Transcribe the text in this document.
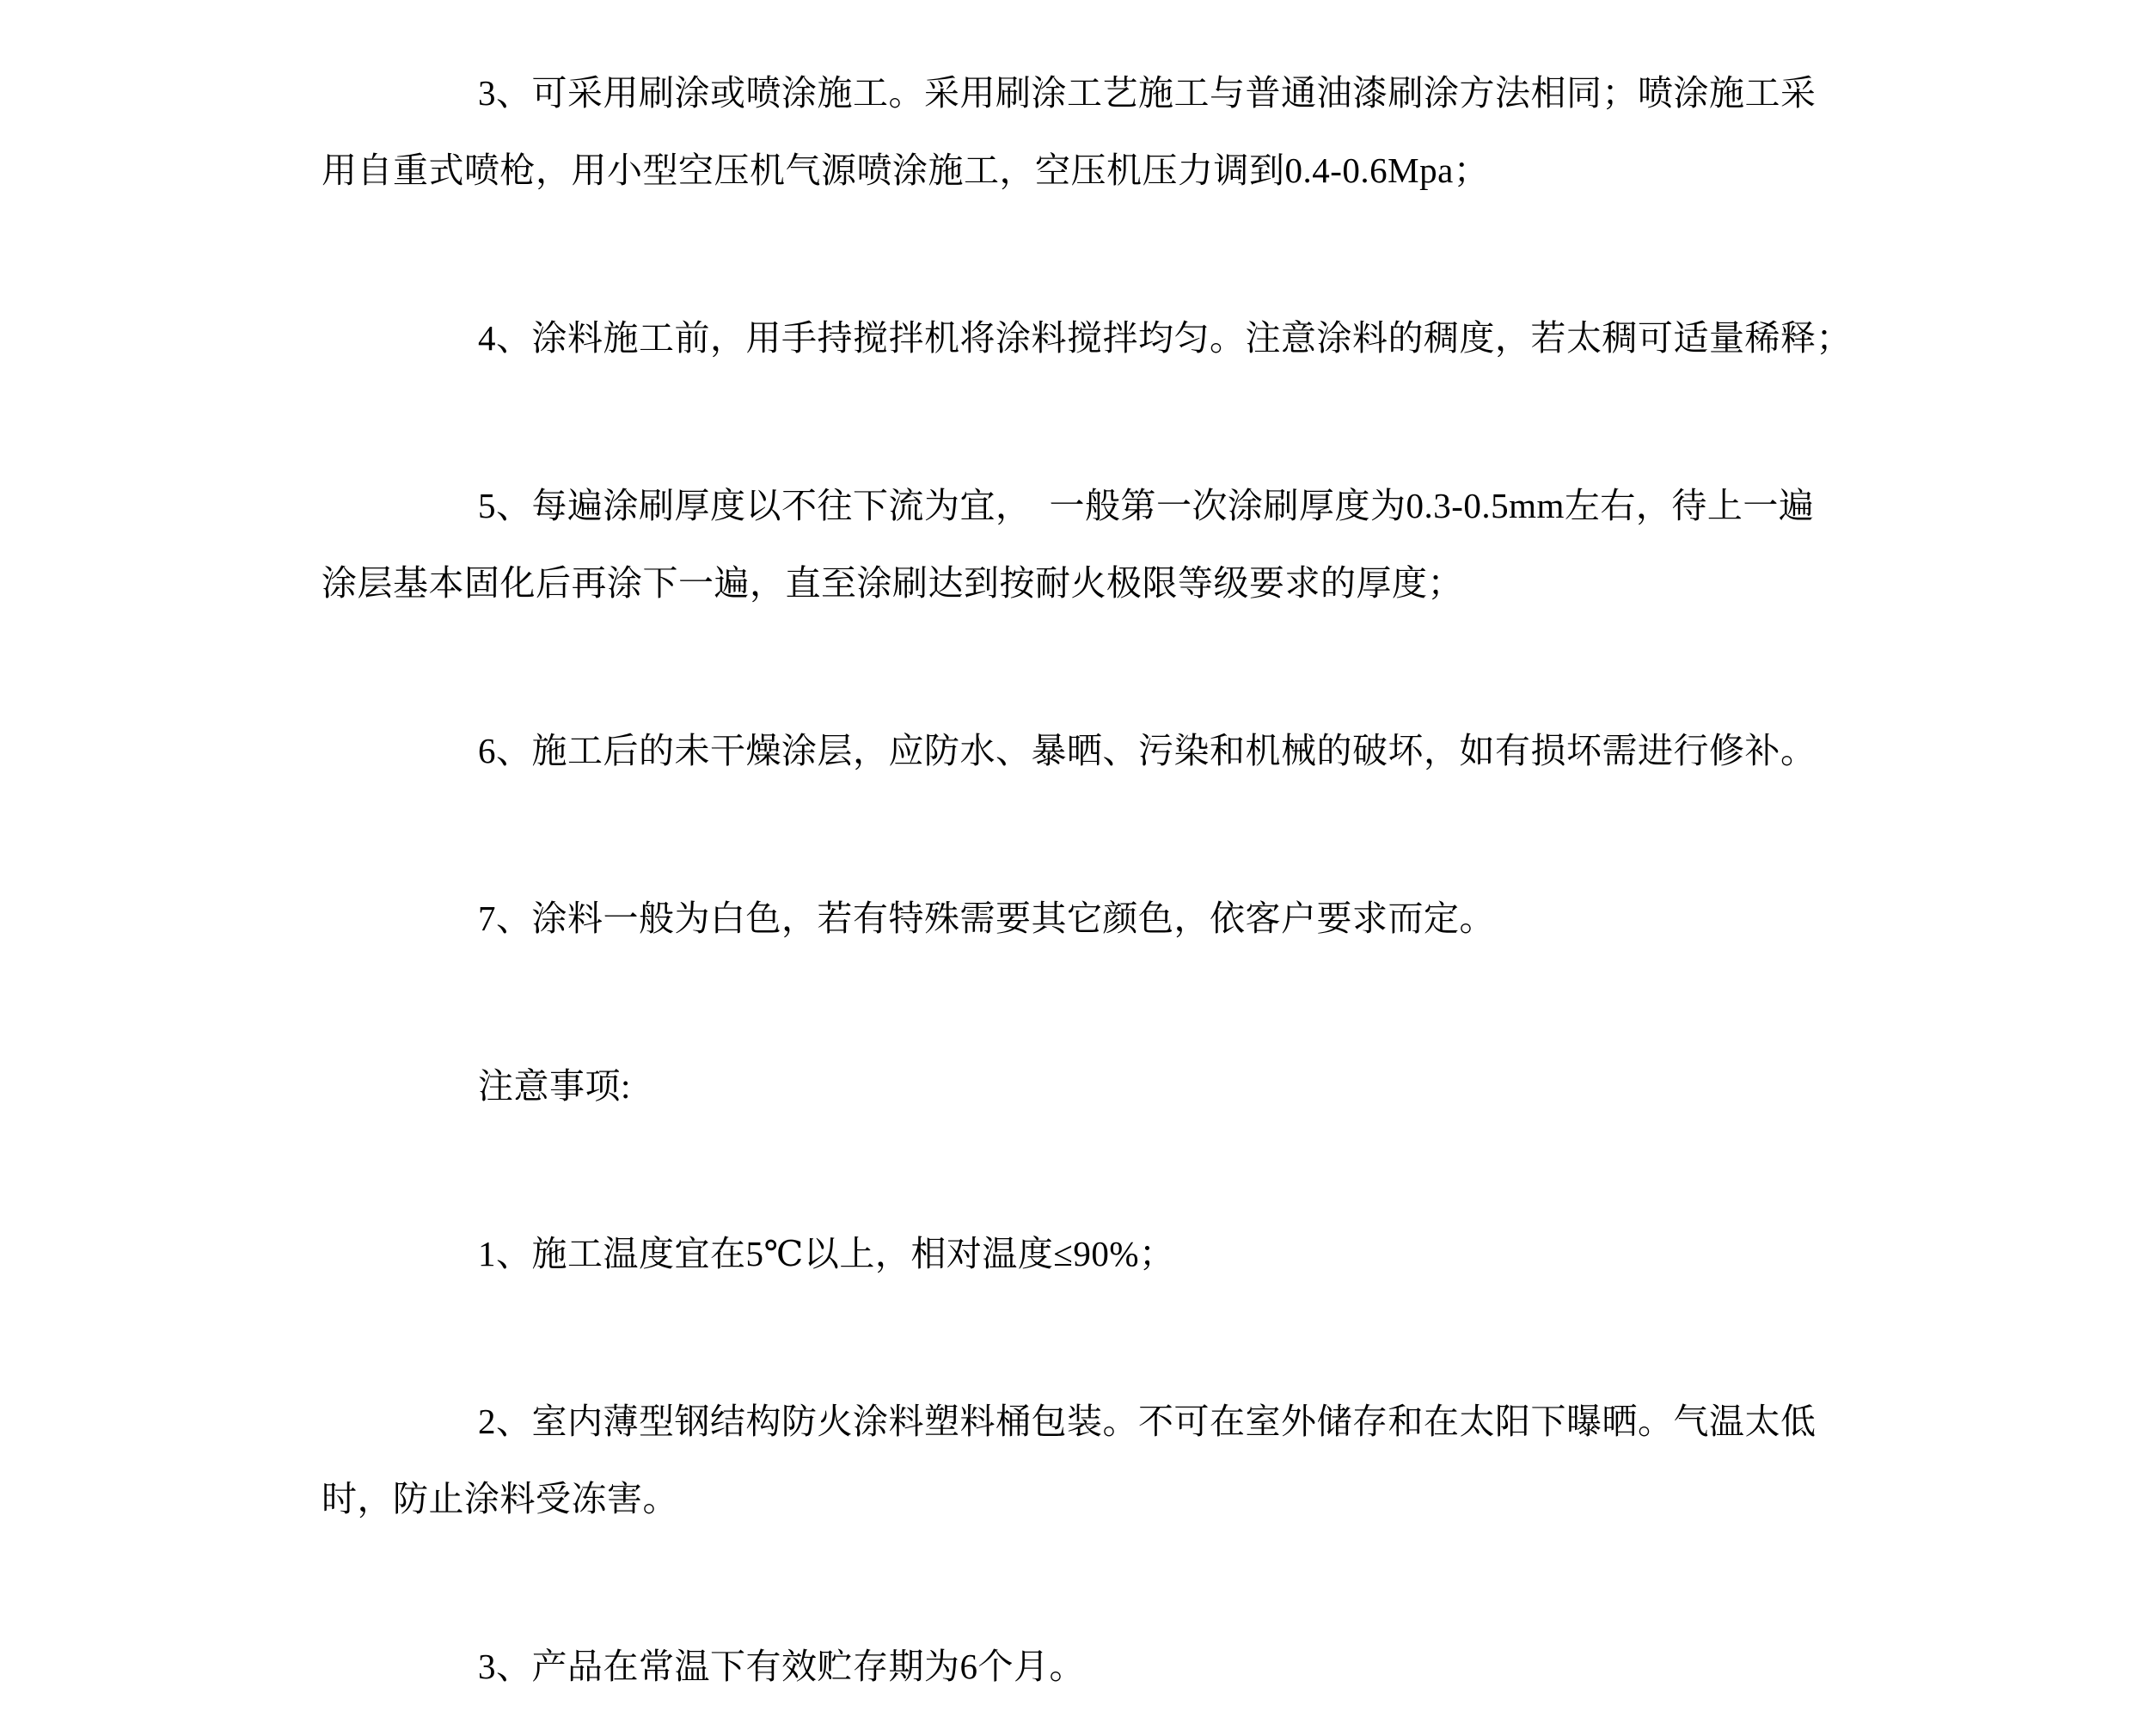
3、可采用刷涂或喷涂施工。采用刷涂工艺施工与普通油漆刷涂方法相同；喷涂施工采
用自重式喷枪，用小型空压机气源喷涂施工，空压机压力调到0.4-0.6Mpa；
4、涂料施工前，用手持搅拌机将涂料搅拌均匀。注意涂料的稠度，若太稠可适量稀释；
5、每遍涂刷厚度以不往下流为宜，　一般第一次涂刷厚度为0.3-0.5mm左右，待上一遍
涂层基本固化后再涂下一遍，直至涂刷达到按耐火极限等级要求的厚度；
6、施工后的未干燥涂层，应防水、暴晒、污染和机械的破坏，如有损坏需进行修补。
7、涂料一般为白色，若有特殊需要其它颜色，依客户要求而定。
注意事项:
1、施工温度宜在5℃以上，相对温度≤90%；
2、室内薄型钢结构防火涂料塑料桶包装。不可在室外储存和在太阳下曝晒。气温太低
时，防止涂料受冻害。
3、产品在常温下有效贮存期为6个月。
